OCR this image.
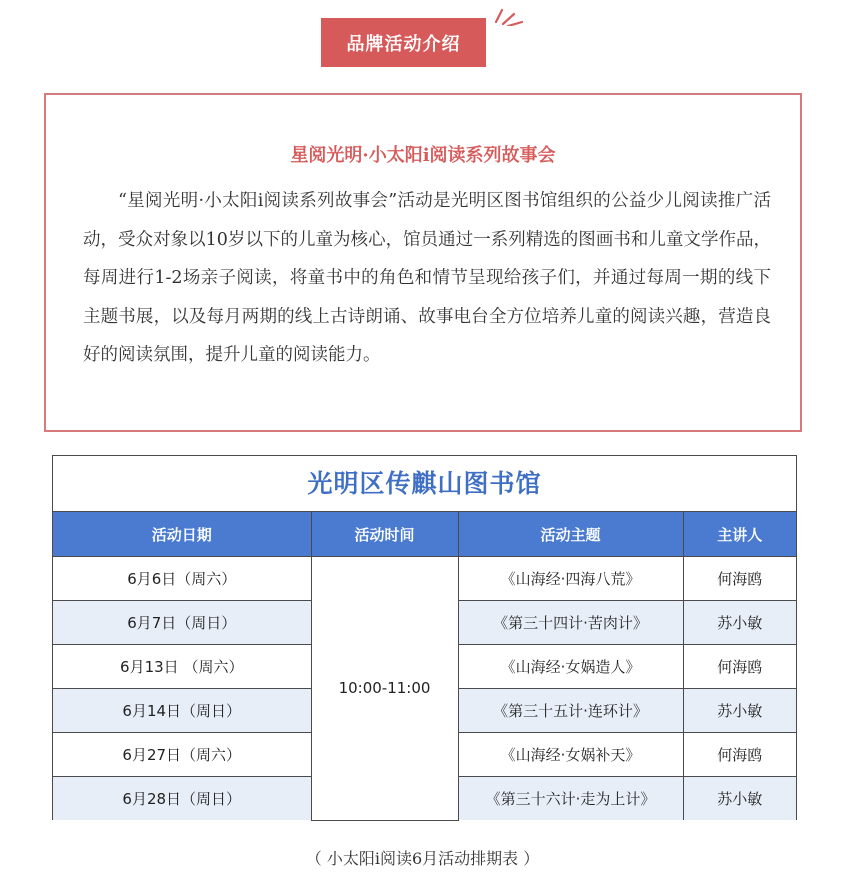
品牌活动介绍
星阅光明·小太阳i阅读系列故事会

“星阅光明·小太阳i阅读系列故事会”活动是光明区图书馆组织的公益少儿阅读推广活动，受众对象以10岁以下的儿童为核心，馆员通过一系列精选的图画书和儿童文学作品，每周进行1-2场亲子阅读，将童书中的角色和情节呈现给孩子们，并通过每周一期的线下主题书展，以及每月两期的线上古诗朗诵、故事电台全方位培养儿童的阅读兴趣，营造良好的阅读氛围，提升儿童的阅读能力。

光明区传麒山图书馆
活动日期	活动时间	活动主题	主讲人
6月6日（周六）	10:00-11:00	《山海经·四海八荒》	何海鸥
6月7日（周日）		《第三十四计·苦肉计》	苏小敏
6月13日 （周六）		《山海经·女娲造人》	何海鸥
6月14日（周日）		《第三十五计·连环计》	苏小敏
6月27日（周六）		《山海经·女娲补天》	何海鸥
6月28日（周日）		《第三十六计·走为上计》	苏小敏
（ 小太阳i阅读6月活动排期表 ）
